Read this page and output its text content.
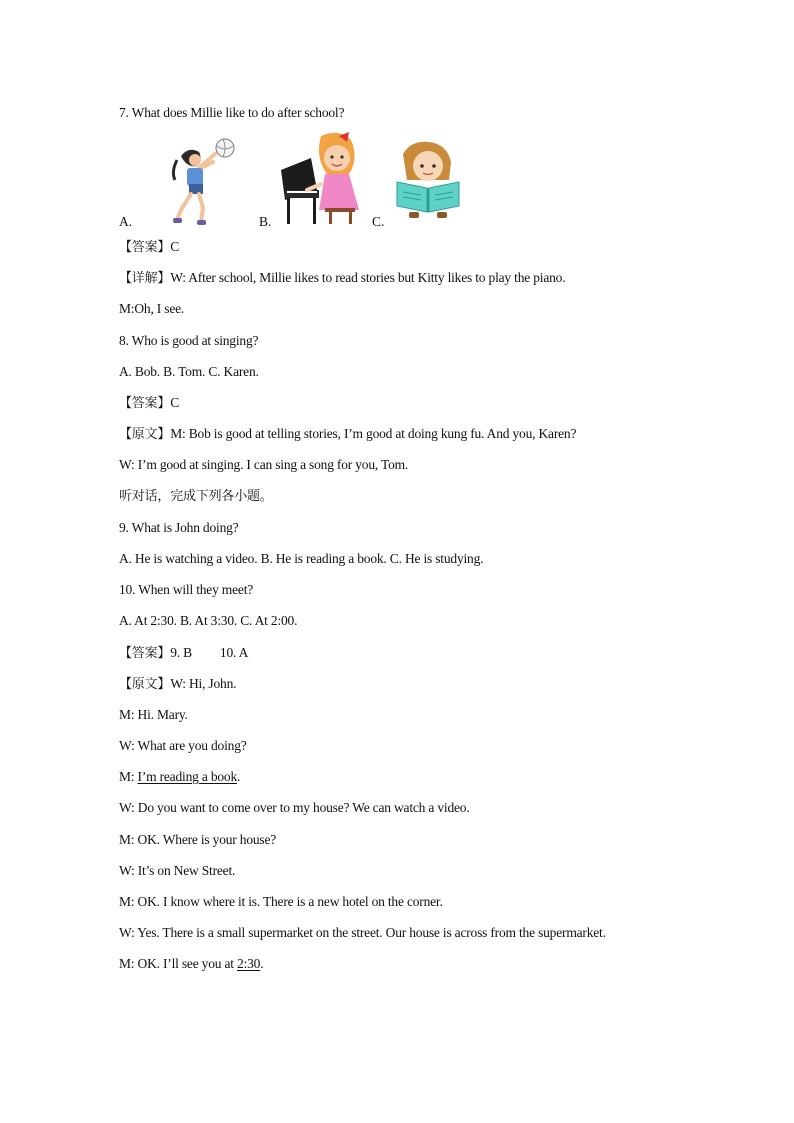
7. What does Millie like to do after school?
A.	B.	C.
【答案】C
【详解】W: After school, Millie likes to read stories but Kitty likes to play the piano.
M:Oh, I see.
8. Who is good at singing?
A. Bob. B. Tom. C. Karen.
【答案】C
【原文】M: Bob is good at telling stories, I’m good at doing kung fu. And you, Karen?
W: I’m good at singing. I can sing a song for you, Tom.
听对话，完成下列各小题。
9. What is John doing?
A. He is watching a video. B. He is reading a book. C. He is studying.
10. When will they meet?
A. At 2:30. B. At 3:30. C. At 2:00.
【答案】9. B 10. A
【原文】W: Hi, John.
M: Hi. Mary.
W: What are you doing?
M: I’m reading a book.
W: Do you want to come over to my house? We can watch a video.
M: OK. Where is your house?
W: It’s on New Street.
M: OK. I know where it is. There is a new hotel on the corner.
W: Yes. There is a small supermarket on the street. Our house is across from the supermarket.
M: OK. I’ll see you at 2:30.
